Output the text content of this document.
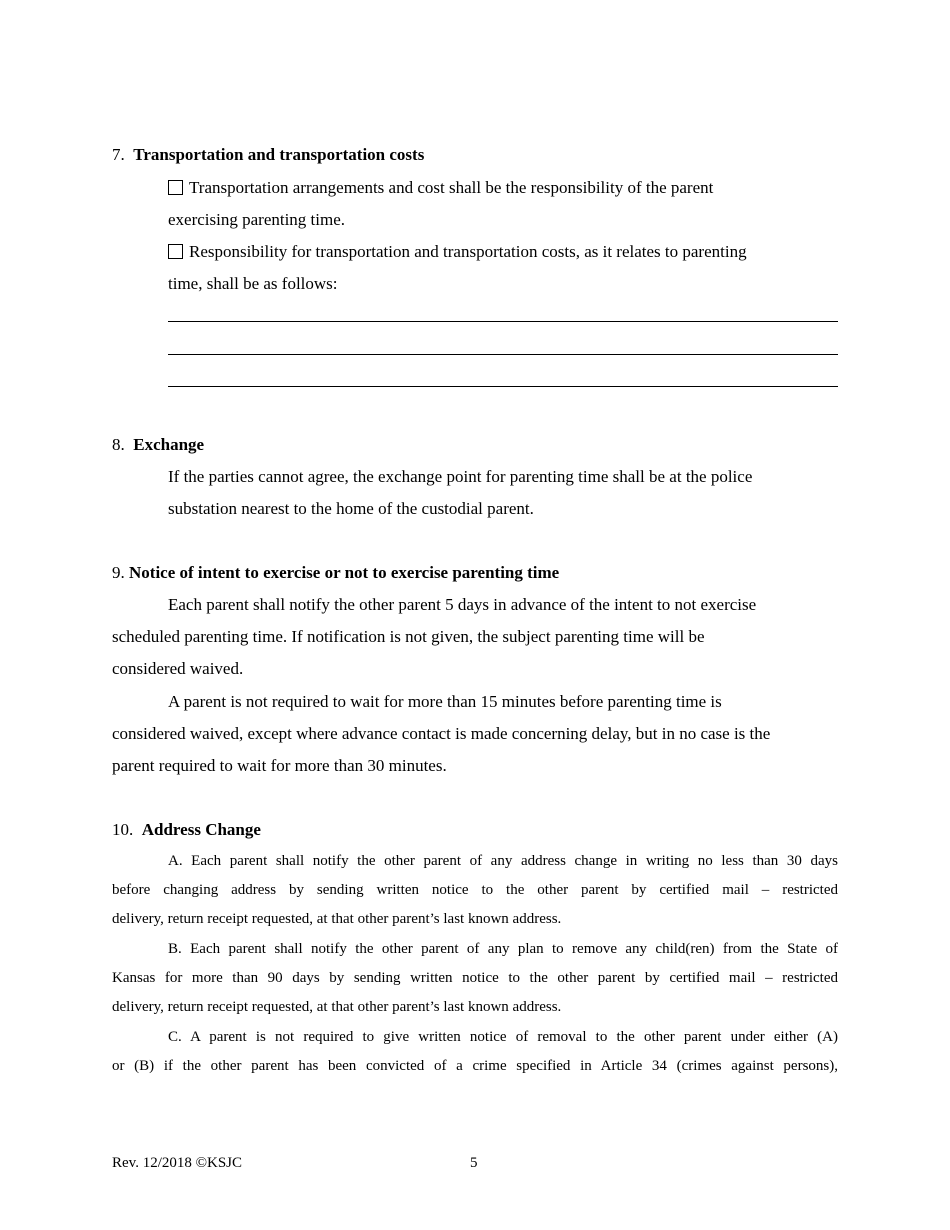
7. Transportation and transportation costs
Transportation arrangements and cost shall be the responsibility of the parent
exercising parenting time.
Responsibility for transportation and transportation costs, as it relates to parenting
time, shall be as follows:
8. Exchange
If the parties cannot agree, the exchange point for parenting time shall be at the police
substation nearest to the home of the custodial parent.
9. Notice of intent to exercise or not to exercise parenting time
Each parent shall notify the other parent 5 days in advance of the intent to not exercise
scheduled parenting time. If notification is not given, the subject parenting time will be
considered waived.
A parent is not required to wait for more than 15 minutes before parenting time is
considered waived, except where advance contact is made concerning delay, but in no case is the
parent required to wait for more than 30 minutes.
10. Address Change
A. Each parent shall notify the other parent of any address change in writing no less than 30 days
before changing address by sending written notice to the other parent by certified mail – restricted
delivery, return receipt requested, at that other parent’s last known address.
B. Each parent shall notify the other parent of any plan to remove any child(ren) from the State of
Kansas for more than 90 days by sending written notice to the other parent by certified mail – restricted
delivery, return receipt requested, at that other parent’s last known address.
C. A parent is not required to give written notice of removal to the other parent under either (A)
or (B) if the other parent has been convicted of a crime specified in Article 34 (crimes against persons),
Rev. 12/2018 ©KSJC	5
